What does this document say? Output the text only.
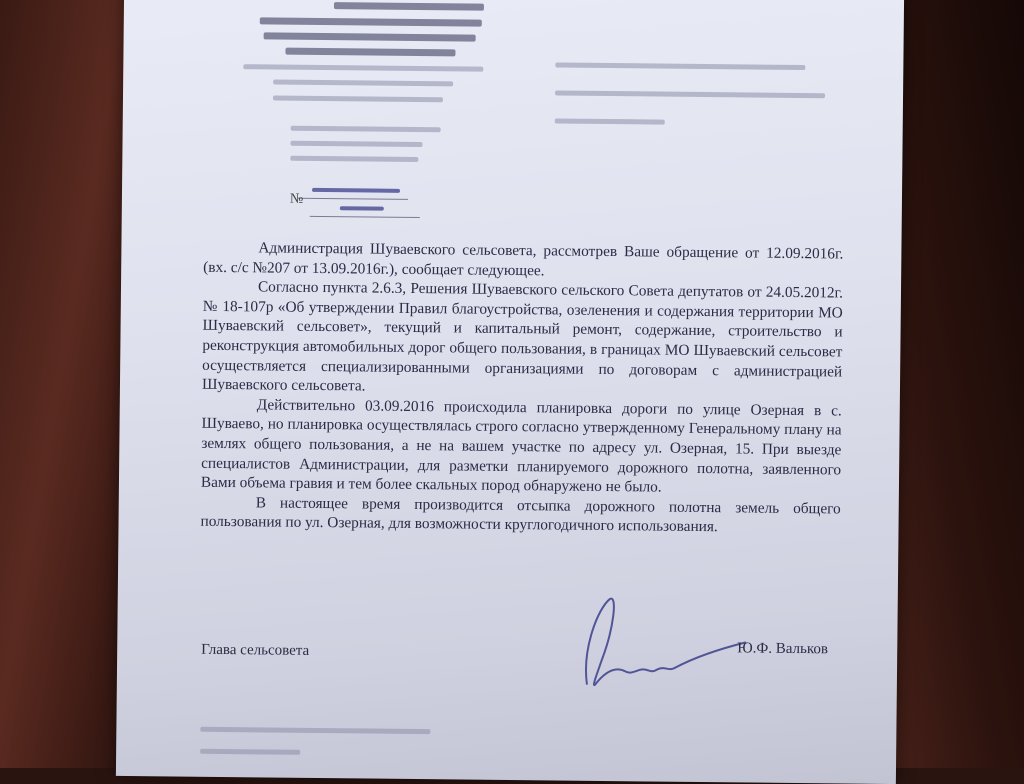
№

Администрация Шуваевского сельсовета, рассмотрев Ваше обращение от 12.09.2016г. (вх. с/с №207 от 13.09.2016г.), сообщает следующее.

Согласно пункта 2.6.3, Решения Шуваевского сельского Совета депутатов от 24.05.2012г. № 18-107р «Об утверждении Правил благоустройства, озеленения и содержания территории МО Шуваевский сельсовет», текущий и капитальный ремонт, содержание, строительство и реконструкция автомобильных дорог общего пользования, в границах МО Шуваевский сельсовет осуществляется специализированными организациями по договорам с администрацией Шуваевского сельсовета.

Действительно 03.09.2016 происходила планировка дороги по улице Озерная в с. Шуваево, но планировка осуществлялась строго согласно утвержденному Генеральному плану на землях общего пользования, а не на вашем участке по адресу ул. Озерная, 15. При выезде специалистов Администрации, для разметки планируемого дорожного полотна, заявленного Вами объема гравия и тем более скальных пород обнаружено не было.

В настоящее время производится отсыпка дорожного полотна земель общего пользования по ул. Озерная, для возможности круглогодичного использования.

Глава сельсовета	Ю.Ф. Вальков
